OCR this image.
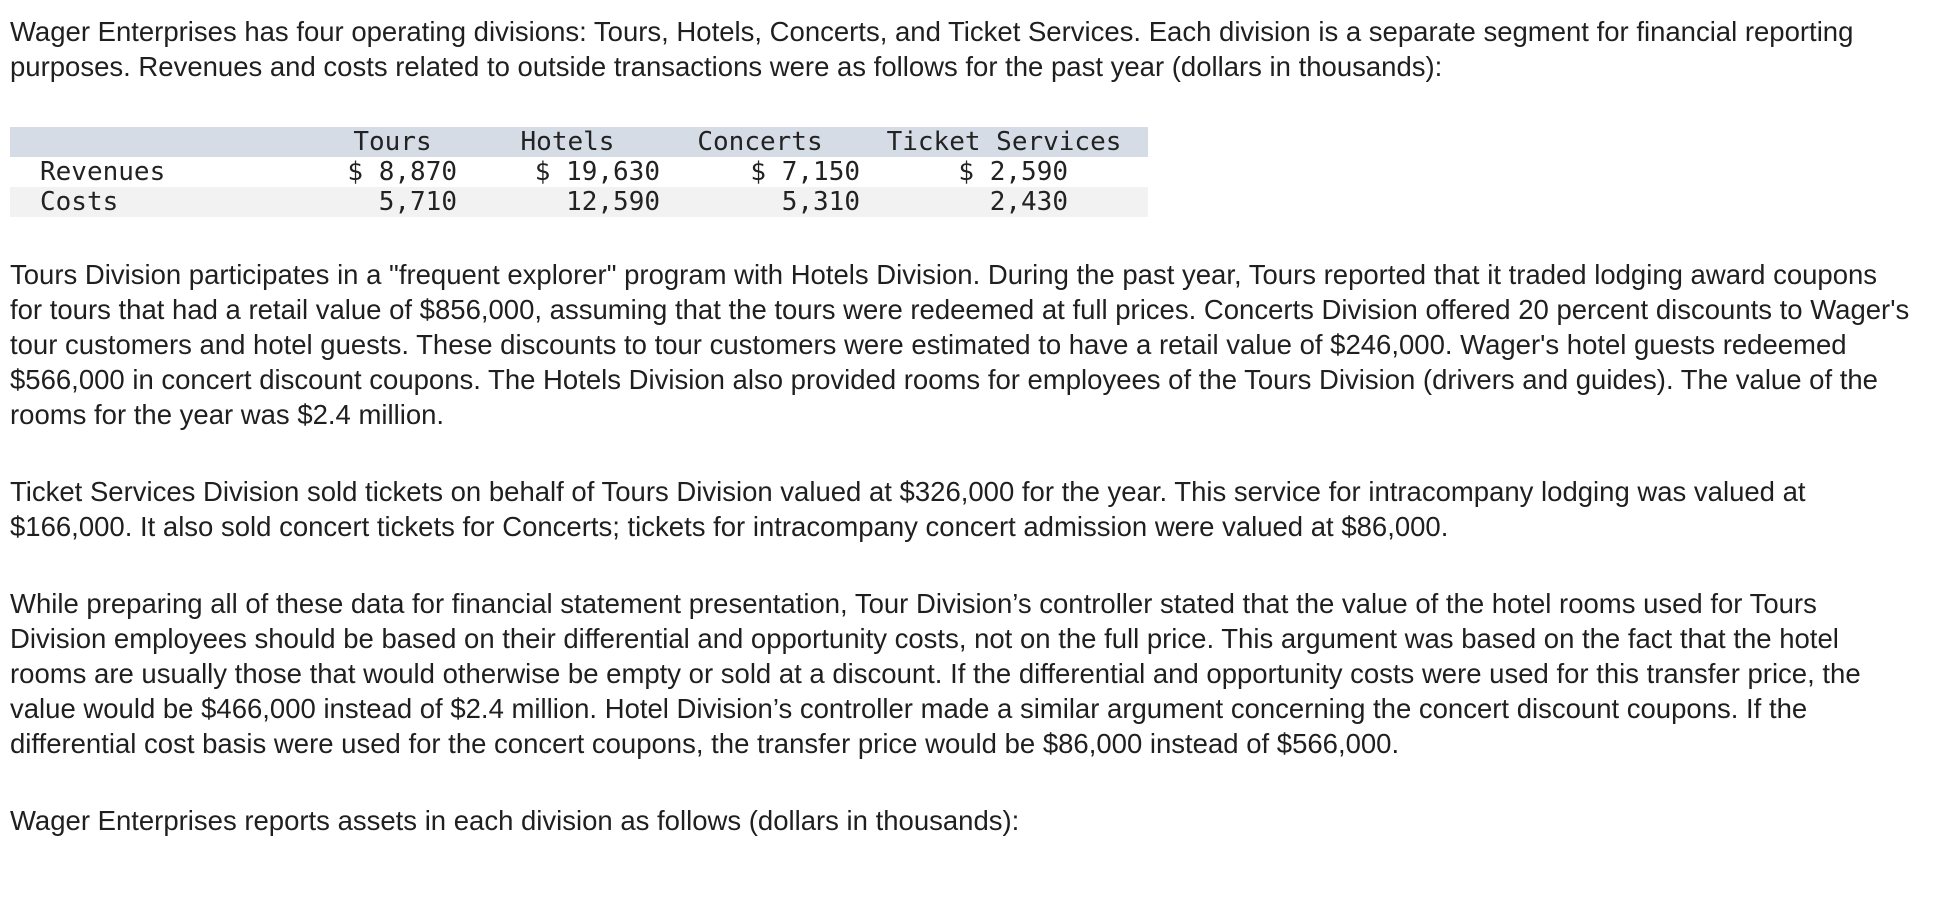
Wager Enterprises has four operating divisions: Tours, Hotels, Concerts, and Ticket Services. Each division is a separate segment for financial reporting purposes. Revenues and costs related to outside transactions were as follows for the past year (dollars in thousands):

	Tours	Hotels	Concerts	Ticket Services
Revenues	$ 8,870	$ 19,630	$ 7,150	$ 2,590
Costs	5,710	12,590	5,310	2,430

Tours Division participates in a "frequent explorer" program with Hotels Division. During the past year, Tours reported that it traded lodging award coupons for tours that had a retail value of $856,000, assuming that the tours were redeemed at full prices. Concerts Division offered 20 percent discounts to Wager's tour customers and hotel guests. These discounts to tour customers were estimated to have a retail value of $246,000. Wager's hotel guests redeemed $566,000 in concert discount coupons. The Hotels Division also provided rooms for employees of the Tours Division (drivers and guides). The value of the rooms for the year was $2.4 million.

Ticket Services Division sold tickets on behalf of Tours Division valued at $326,000 for the year. This service for intracompany lodging was valued at $166,000. It also sold concert tickets for Concerts; tickets for intracompany concert admission were valued at $86,000.

While preparing all of these data for financial statement presentation, Tour Division’s controller stated that the value of the hotel rooms used for Tours Division employees should be based on their differential and opportunity costs, not on the full price. This argument was based on the fact that the hotel rooms are usually those that would otherwise be empty or sold at a discount. If the differential and opportunity costs were used for this transfer price, the value would be $466,000 instead of $2.4 million. Hotel Division’s controller made a similar argument concerning the concert discount coupons. If the differential cost basis were used for the concert coupons, the transfer price would be $86,000 instead of $566,000.

Wager Enterprises reports assets in each division as follows (dollars in thousands):
